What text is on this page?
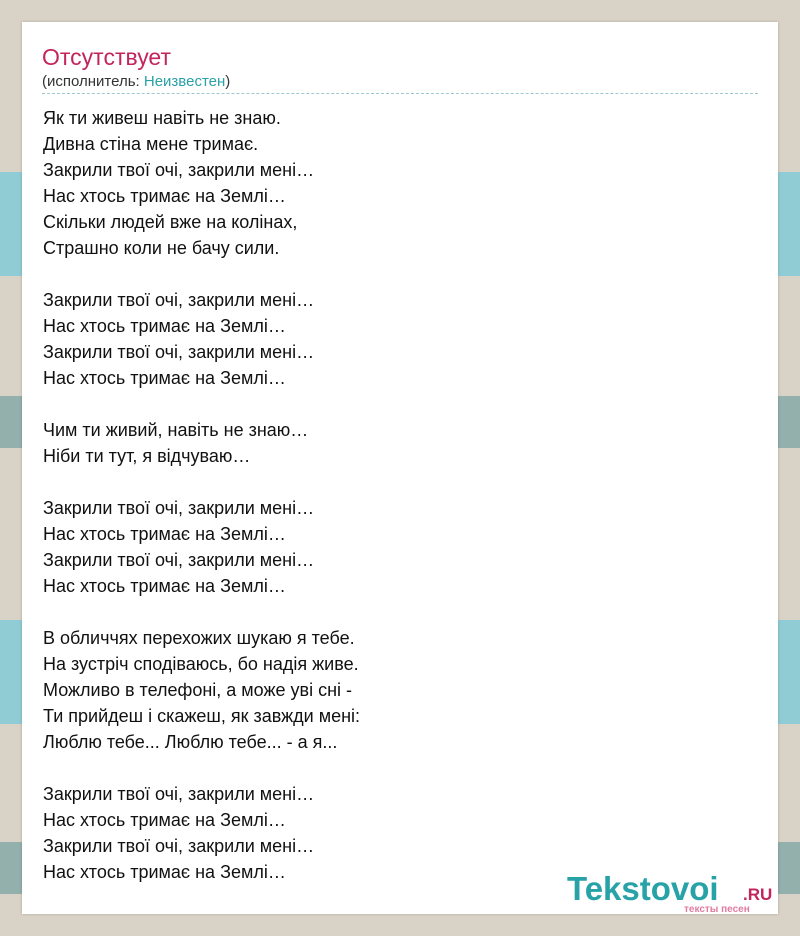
Отсутствует
(исполнитель: Неизвестен)
Як ти живеш навіть не знаю.
Дивна стіна мене тримає.
Закрили твої очі, закрили мені…
Нас хтось тримає на Землі…
Скільки людей вже на колінах,
Страшно коли не бачу сили.
Закрили твої очі, закрили мені…
Нас хтось тримає на Землі…
Закрили твої очі, закрили мені…
Нас хтось тримає на Землі…
Чим ти живий, навіть не знаю…
Ніби ти тут, я відчуваю…
Закрили твої очі, закрили мені…
Нас хтось тримає на Землі…
Закрили твої очі, закрили мені…
Нас хтось тримає на Землі…
В обличчях перехожих шукаю я тебе.
На зустріч сподіваюсь, бо надія живе.
Можливо в телефоні, а може уві сні -
Ти прийдеш і скажеш, як завжди мені:
Люблю тебе... Люблю тебе... - а я...
Закрили твої очі, закрили мені…
Нас хтось тримає на Землі…
Закрили твої очі, закрили мені…
Нас хтось тримає на Землі…	Tekstovoi .RU
тексты песен
